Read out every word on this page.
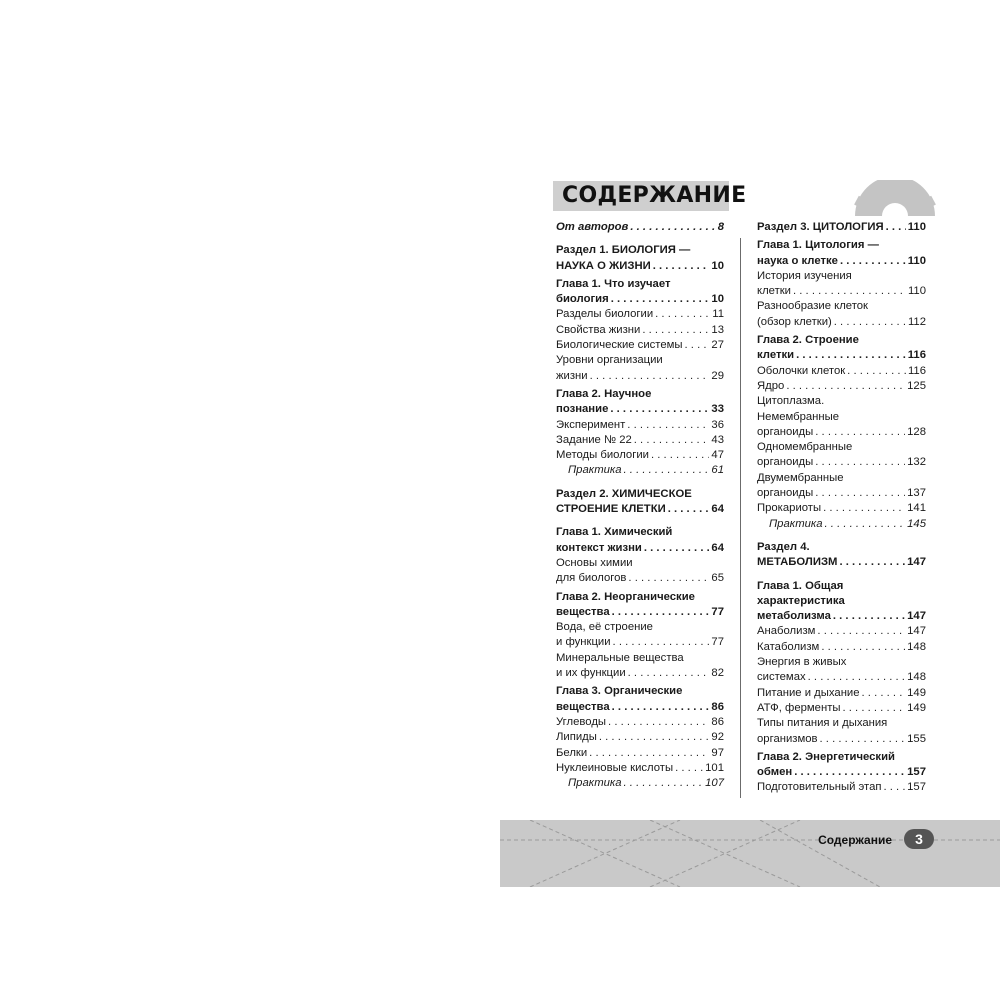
СОДЕРЖАНИЕ
От авторов . . .	8
Раздел 1. БИОЛОГИЯ —
НАУКА О ЖИЗНИ . . .	10
Глава 1. Что изучает
биология . . .	10
Разделы биологии . . .	11
Свойства жизни . . .	13
Биологические системы . . .	27
Уровни организации
жизни . . .	29
Глава 2. Научное
познание . . .	33
Эксперимент . . .	36
Задание № 22 . . .	43
Методы биологии . . .	47
Практика . . .	61
Раздел 2. ХИМИЧЕСКОЕ
СТРОЕНИЕ КЛЕТКИ . . .	64
Глава 1. Химический
контекст жизни . . .	64
Основы химии
для биологов . . .	65
Глава 2. Неорганические
вещества . . .	77
Вода, её строение
и функции . . .	77
Минеральные вещества
и их функции . . .	82
Глава 3. Органические
вещества . . .	86
Углеводы . . .	86
Липиды . . .	92
Белки . . .	97
Нуклеиновые кислоты . . .	101
Практика . . .	107
Раздел 3. ЦИТОЛОГИЯ . . . 110
Глава 1. Цитология —
наука о клетке . . .	110
История изучения
клетки . . .	110
Разнообразие клеток
(обзор клетки) . . .	112
Глава 2. Строение
клетки . . .	116
Оболочки клеток . . .	116
Ядро . . .	125
Цитоплазма.
Немембранные
органоиды . . .	128
Одномембранные
органоиды . . .	132
Двумембранные
органоиды . . .	137
Прокариоты . . .	141
Практика . . .	145
Раздел 4.
МЕТАБОЛИЗМ . . .	147
Глава 1. Общая
характеристика
метаболизма . . .	147
Анаболизм . . .	147
Катаболизм . . .	148
Энергия в живых
системах . . .	148
Питание и дыхание . . .	149
АТФ, ферменты . . .	149
Типы питания и дыхания
организмов . . .	155
Глава 2. Энергетический
обмен . . .	157
Подготовительный этап . . . 157
Содержание	3
